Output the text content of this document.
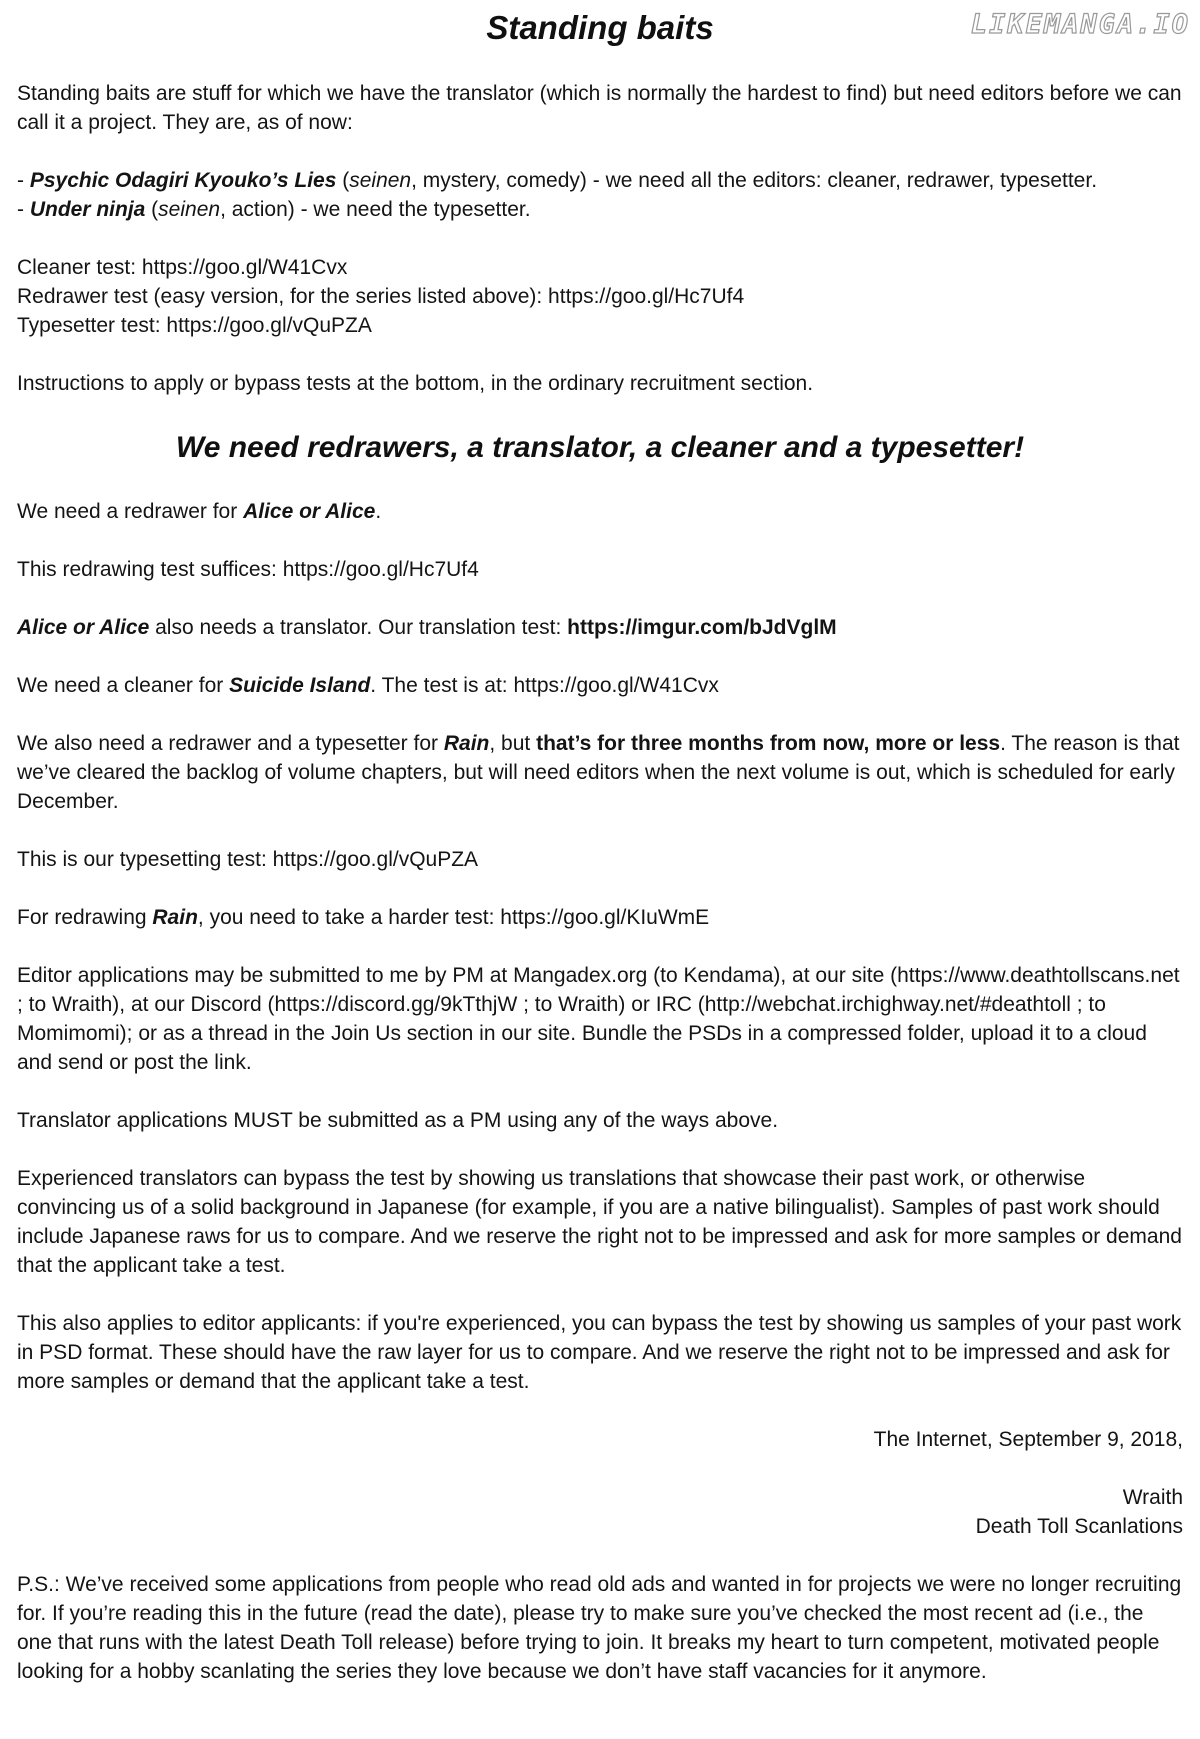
LIKEMANGA.IO
Standing baits

Standing baits are stuff for which we have the translator (which is normally the hardest to find) but need editors before we can call it a project. They are, as of now:

- Psychic Odagiri Kyouko’s Lies (seinen, mystery, comedy) - we need all the editors: cleaner, redrawer, typesetter.
- Under ninja (seinen, action) - we need the typesetter.

Cleaner test: https://goo.gl/W41Cvx
Redrawer test (easy version, for the series listed above): https://goo.gl/Hc7Uf4
Typesetter test: https://goo.gl/vQuPZA

Instructions to apply or bypass tests at the bottom, in the ordinary recruitment section.

We need redrawers, a translator, a cleaner and a typesetter!

We need a redrawer for Alice or Alice.

This redrawing test suffices: https://goo.gl/Hc7Uf4

Alice or Alice also needs a translator. Our translation test: https://imgur.com/bJdVglM

We need a cleaner for Suicide Island. The test is at: https://goo.gl/W41Cvx

We also need a redrawer and a typesetter for Rain, but that’s for three months from now, more or less. The reason is that we’ve cleared the backlog of volume chapters, but will need editors when the next volume is out, which is scheduled for early December.

This is our typesetting test: https://goo.gl/vQuPZA

For redrawing Rain, you need to take a harder test: https://goo.gl/KIuWmE

Editor applications may be submitted to me by PM at Mangadex.org (to Kendama), at our site (https://www.deathtollscans.net ; to Wraith), at our Discord (https://discord.gg/9kTthjW ; to Wraith) or IRC (http://webchat.irchighway.net/#deathtoll ; to Momimomi); or as a thread in the Join Us section in our site. Bundle the PSDs in a compressed folder, upload it to a cloud and send or post the link.

Translator applications MUST be submitted as a PM using any of the ways above.

Experienced translators can bypass the test by showing us translations that showcase their past work, or otherwise convincing us of a solid background in Japanese (for example, if you are a native bilingualist). Samples of past work should include Japanese raws for us to compare. And we reserve the right not to be impressed and ask for more samples or demand that the applicant take a test.

This also applies to editor applicants: if you're experienced, you can bypass the test by showing us samples of your past work in PSD format. These should have the raw layer for us to compare. And we reserve the right not to be impressed and ask for more samples or demand that the applicant take a test.

The Internet, September 9, 2018,

Wraith
Death Toll Scanlations

P.S.: We’ve received some applications from people who read old ads and wanted in for projects we were no longer recruiting for. If you’re reading this in the future (read the date), please try to make sure you’ve checked the most recent ad (i.e., the one that runs with the latest Death Toll release) before trying to join. It breaks my heart to turn competent, motivated people looking for a hobby scanlating the series they love because we don’t have staff vacancies for it anymore.
